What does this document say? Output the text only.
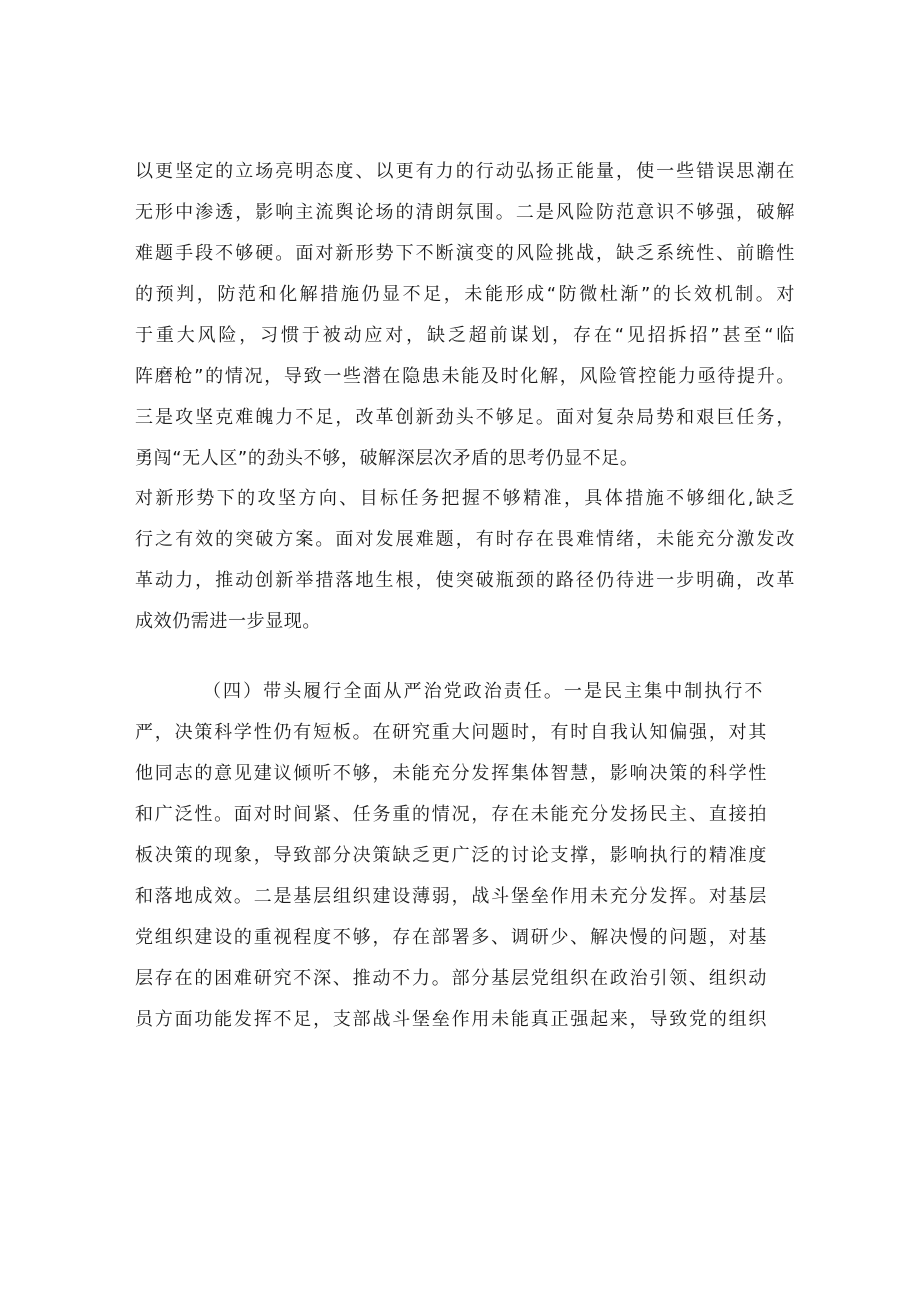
以更坚定的立场亮明态度、以更有力的行动弘扬正能量，使一些错误思潮在
无形中渗透，影响主流舆论场的清朗氛围。二是风险防范意识不够强，破解
难题手段不够硬。面对新形势下不断演变的风险挑战，缺乏系统性、前瞻性
的预判，防范和化解措施仍显不足，未能形成“防微杜渐”的长效机制。对
于重大风险，习惯于被动应对，缺乏超前谋划，存在“见招拆招”甚至“临
阵磨枪”的情况，导致一些潜在隐患未能及时化解，风险管控能力亟待提升。
三是攻坚克难魄力不足，改革创新劲头不够足。面对复杂局势和艰巨任务，
勇闯“无人区”的劲头不够，破解深层次矛盾的思考仍显不足。
对新形势下的攻坚方向、目标任务把握不够精准，具体措施不够细化,缺乏
行之有效的突破方案。面对发展难题，有时存在畏难情绪，未能充分激发改
革动力，推动创新举措落地生根，使突破瓶颈的路径仍待进一步明确，改革
成效仍需进一步显现。
（四）带头履行全面从严治党政治责任。一是民主集中制执行不
严，决策科学性仍有短板。在研究重大问题时，有时自我认知偏强，对其
他同志的意见建议倾听不够，未能充分发挥集体智慧，影响决策的科学性
和广泛性。面对时间紧、任务重的情况，存在未能充分发扬民主、直接拍
板决策的现象，导致部分决策缺乏更广泛的讨论支撑，影响执行的精准度
和落地成效。二是基层组织建设薄弱，战斗堡垒作用未充分发挥。对基层
党组织建设的重视程度不够，存在部署多、调研少、解决慢的问题，对基
层存在的困难研究不深、推动不力。部分基层党组织在政治引领、组织动
员方面功能发挥不足，支部战斗堡垒作用未能真正强起来，导致党的组织
